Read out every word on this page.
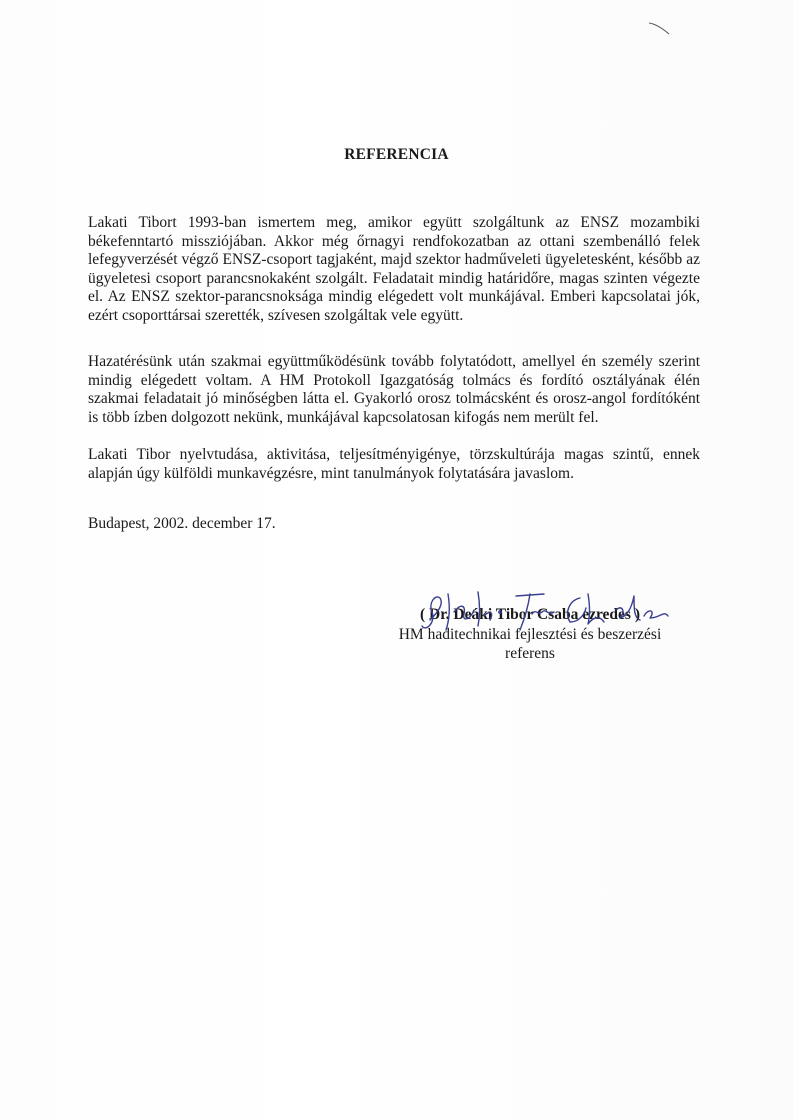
REFERENCIA

Lakati Tibort 1993-ban ismertem meg, amikor együtt szolgáltunk az ENSZ mozambiki békefenntartó missziójában. Akkor még őrnagyi rendfokozatban az ottani szembenálló felek lefegyverzését végző ENSZ-csoport tagjaként, majd szektor hadműveleti ügyeletesként, később az ügyeletesi csoport parancsnokaként szolgált. Feladatait mindig határidőre, magas szinten végezte el. Az ENSZ szektor-parancsnoksága mindig elégedett volt munkájával. Emberi kapcsolatai jók, ezért csoporttársai szerették, szívesen szolgáltak vele együtt.

Hazatérésünk után szakmai együttműködésünk tovább folytatódott, amellyel én személy szerint mindig elégedett voltam. A HM Protokoll Igazgatóság tolmács és fordító osztályának élén szakmai feladatait jó minőségben látta el. Gyakorló orosz tolmácsként és orosz-angol fordítóként is több ízben dolgozott nekünk, munkájával kapcsolatosan kifogás nem merült fel.

Lakati Tibor nyelvtudása, aktivitása, teljesítményigénye, törzskultúrája magas szintű, ennek alapján úgy külföldi munkavégzésre, mint tanulmányok folytatására javaslom.

Budapest, 2002. december 17.
( Dr. Deáki Tibor Csaba ezredes )
HM haditechnikai fejlesztési és beszerzési
referens
